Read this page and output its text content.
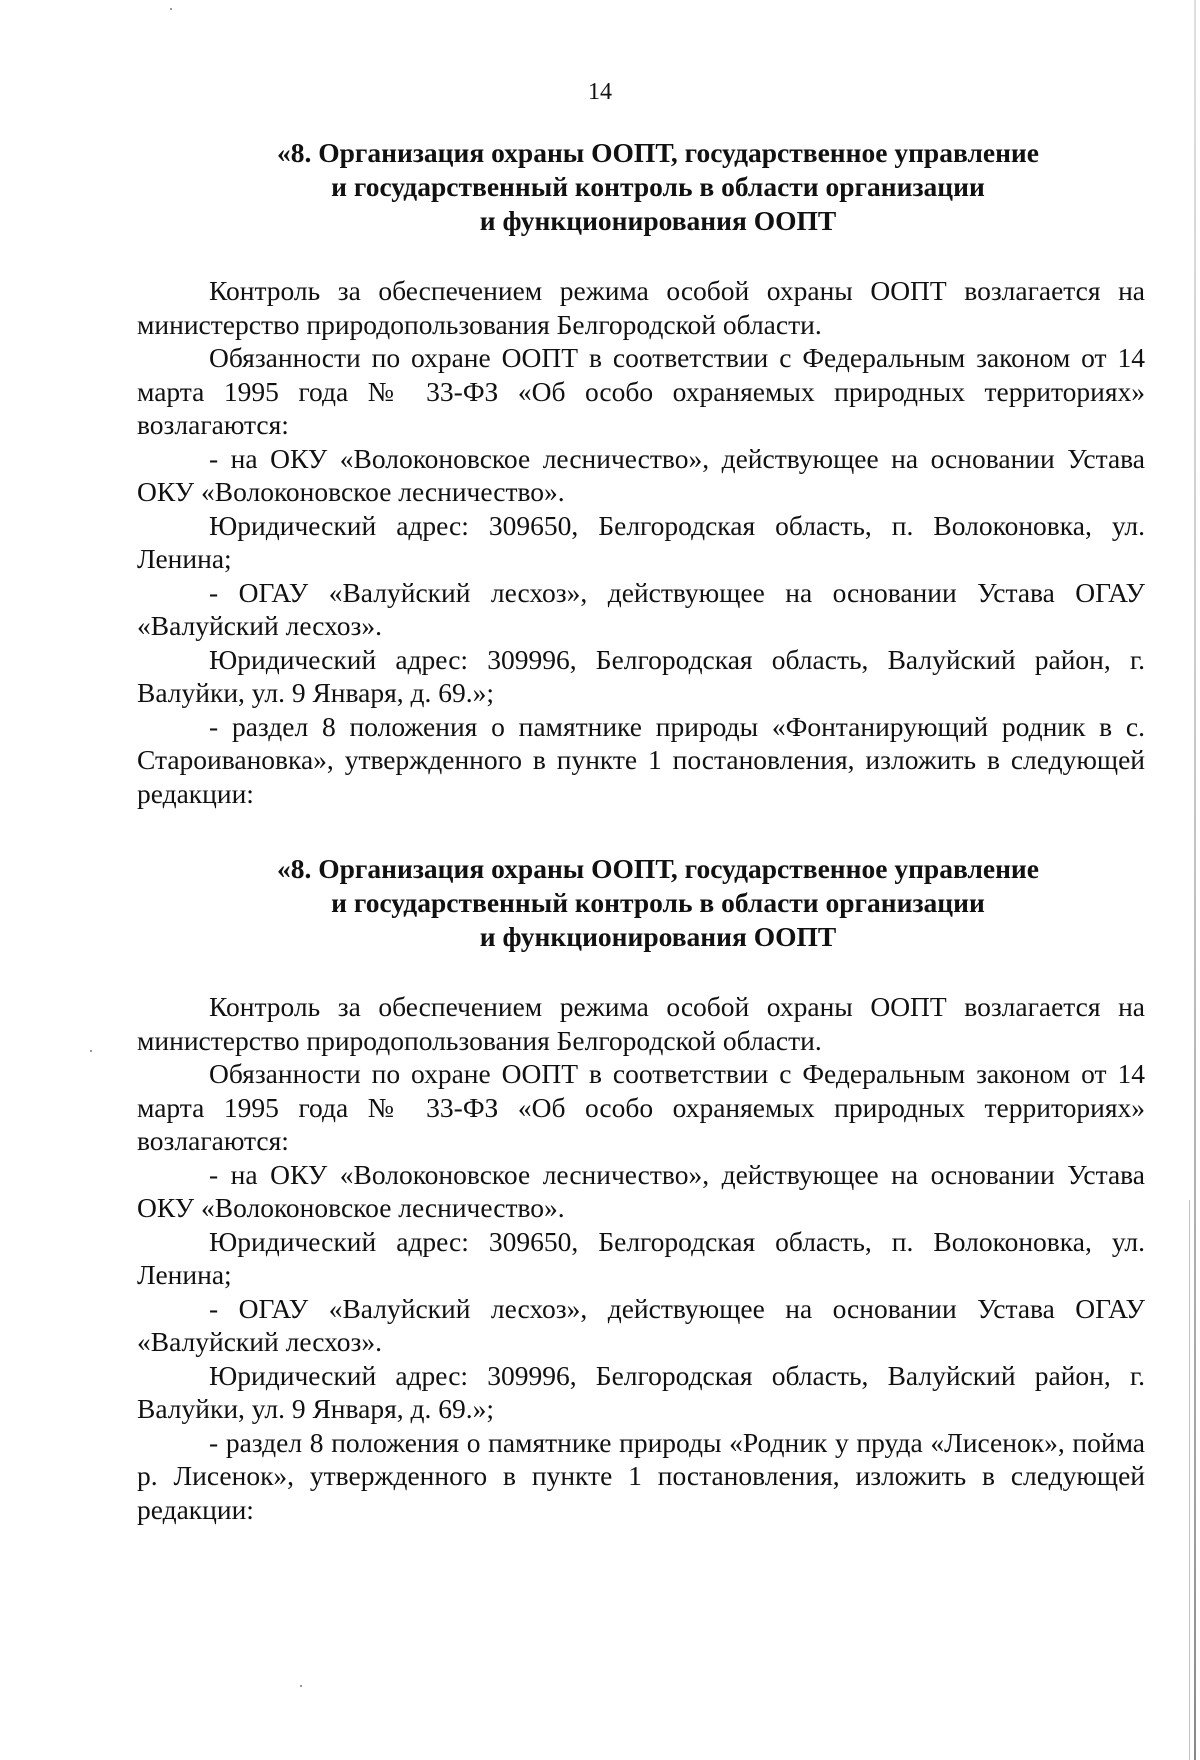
14
«8. Организация охраны ООПТ, государственное управление
и государственный контроль в области организации
и функционирования ООПТ

Контроль за обеспечением режима особой охраны ООПТ возлагается на министерство природопользования Белгородской области.

Обязанности по охране ООПТ в соответствии с Федеральным законом от 14 марта 1995 года № 33-ФЗ «Об особо охраняемых природных территориях» возлагаются:

- на ОКУ «Волоконовское лесничество», действующее на основании Устава ОКУ «Волоконовское лесничество».

Юридический адрес: 309650, Белгородская область, п. Волоконовка, ул. Ленина;

- ОГАУ «Валуйский лесхоз», действующее на основании Устава ОГАУ «Валуйский лесхоз».

Юридический адрес: 309996, Белгородская область, Валуйский район, г. Валуйки, ул. 9 Января, д. 69.»;

- раздел 8 положения о памятнике природы «Фонтанирующий родник в с. Староивановка», утвержденного в пункте 1 постановления, изложить в следующей редакции:

«8. Организация охраны ООПТ, государственное управление
и государственный контроль в области организации
и функционирования ООПТ

Контроль за обеспечением режима особой охраны ООПТ возлагается на министерство природопользования Белгородской области.

Обязанности по охране ООПТ в соответствии с Федеральным законом от 14 марта 1995 года № 33-ФЗ «Об особо охраняемых природных территориях» возлагаются:

- на ОКУ «Волоконовское лесничество», действующее на основании Устава ОКУ «Волоконовское лесничество».

Юридический адрес: 309650, Белгородская область, п. Волоконовка, ул. Ленина;

- ОГАУ «Валуйский лесхоз», действующее на основании Устава ОГАУ «Валуйский лесхоз».

Юридический адрес: 309996, Белгородская область, Валуйский район, г. Валуйки, ул. 9 Января, д. 69.»;

- раздел 8 положения о памятнике природы «Родник у пруда «Лисенок», пойма р. Лисенок», утвержденного в пункте 1 постановления, изложить в следующей редакции:
